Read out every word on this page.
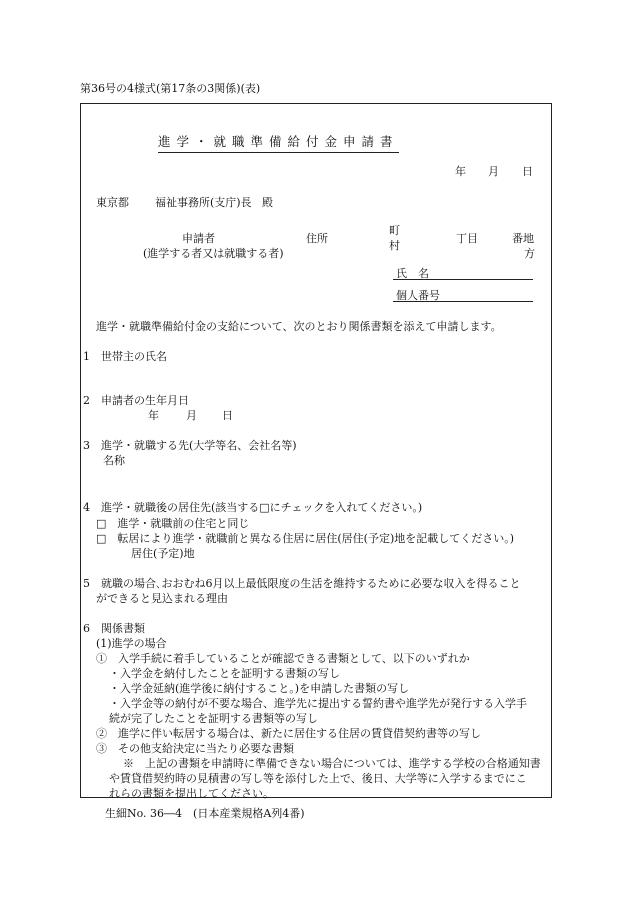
第36号の4様式(第17条の3関係)(表)
進学・就職準備給付金申請書
年 月 日
東京都 福祉事務所(支庁)長 殿
申請者
(進学する者又は就職する者)
住所
町
村
丁目	番地
方
氏　名
個人番号
進学・就職準備給付金の支給について、次のとおり関係書類を添えて申請します。
1　世帯主の氏名
2　申請者の生年月日
年 月 日
3　進学・就職する先(大学等名、会社名等)
名称
4　進学・就職後の居住先(該当する□にチェックを入れてください。)
□　進学・就職前の住宅と同じ
□　転居により進学・就職前と異なる住居に居住(居住(予定)地を記載してください。)
居住(予定)地
5　就職の場合､おおむね6月以上最低限度の生活を維持するために必要な収入を得ること
ができると見込まれる理由
6　関係書類
(1)進学の場合
①　入学手続に着手していることが確認できる書類として、以下のいずれか
・入学金を納付したことを証明する書類の写し
・入学金延納(進学後に納付すること。)を申請した書類の写し
・入学金等の納付が不要な場合、進学先に提出する誓約書や進学先が発行する入学手
続が完了したことを証明する書類等の写し
②　進学に伴い転居する場合は、新たに居住する住居の賃貸借契約書等の写し
③　その他支給決定に当たり必要な書類
※　上記の書類を申請時に準備できない場合については、進学する学校の合格通知書
や賃貸借契約時の見積書の写し等を添付した上で、後日、大学等に入学するまでにこ
れらの書類を提出してください。
生細No. 36―4　(日本産業規格A列4番)
